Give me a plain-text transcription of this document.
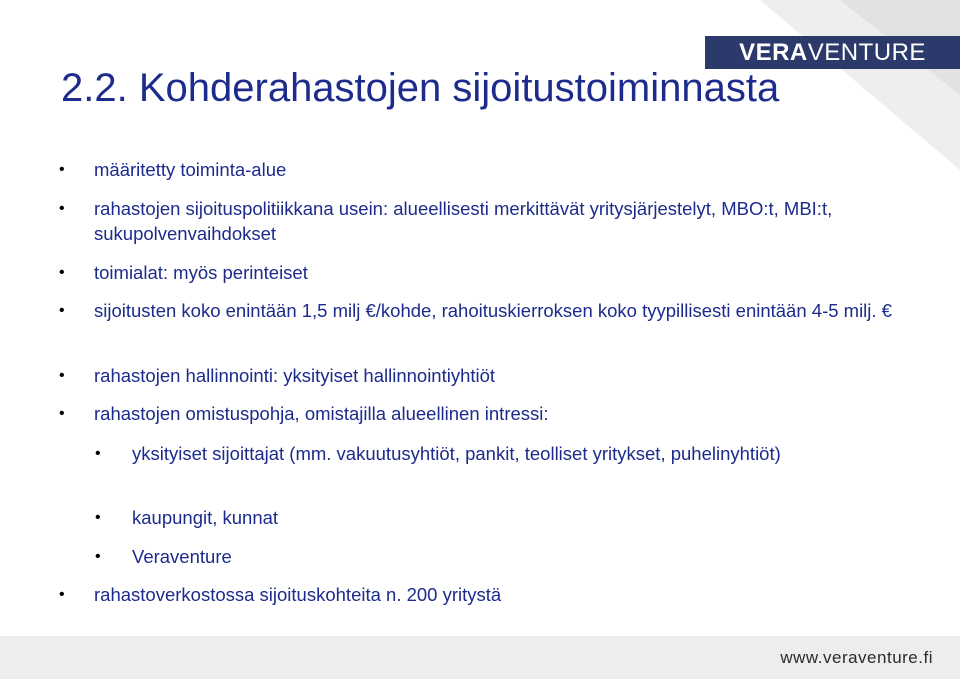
VERA VENTURE
2.2. Kohderahastojen sijoitustoiminnasta
• määritetty toiminta-alue
• rahastojen sijoituspolitiikkana usein: alueellisesti merkittävät yritysjärjestelyt, MBO:t, MBI:t, sukupolvenvaihdokset
• toimialat: myös perinteiset
• sijoitusten koko enintään 1,5 milj €/kohde, rahoituskierroksen koko tyypillisesti enintään 4-5 milj. €
• rahastojen hallinnointi: yksityiset hallinnointiyhtiöt
• rahastojen omistuspohja, omistajilla alueellinen intressi:
• yksityiset sijoittajat (mm. vakuutusyhtiöt, pankit, teolliset yritykset, puhelinyhtiöt)
• kaupungit, kunnat
• Veraventure
• rahastoverkostossa sijoituskohteita n. 200 yritystä
www.veraventure.fi
